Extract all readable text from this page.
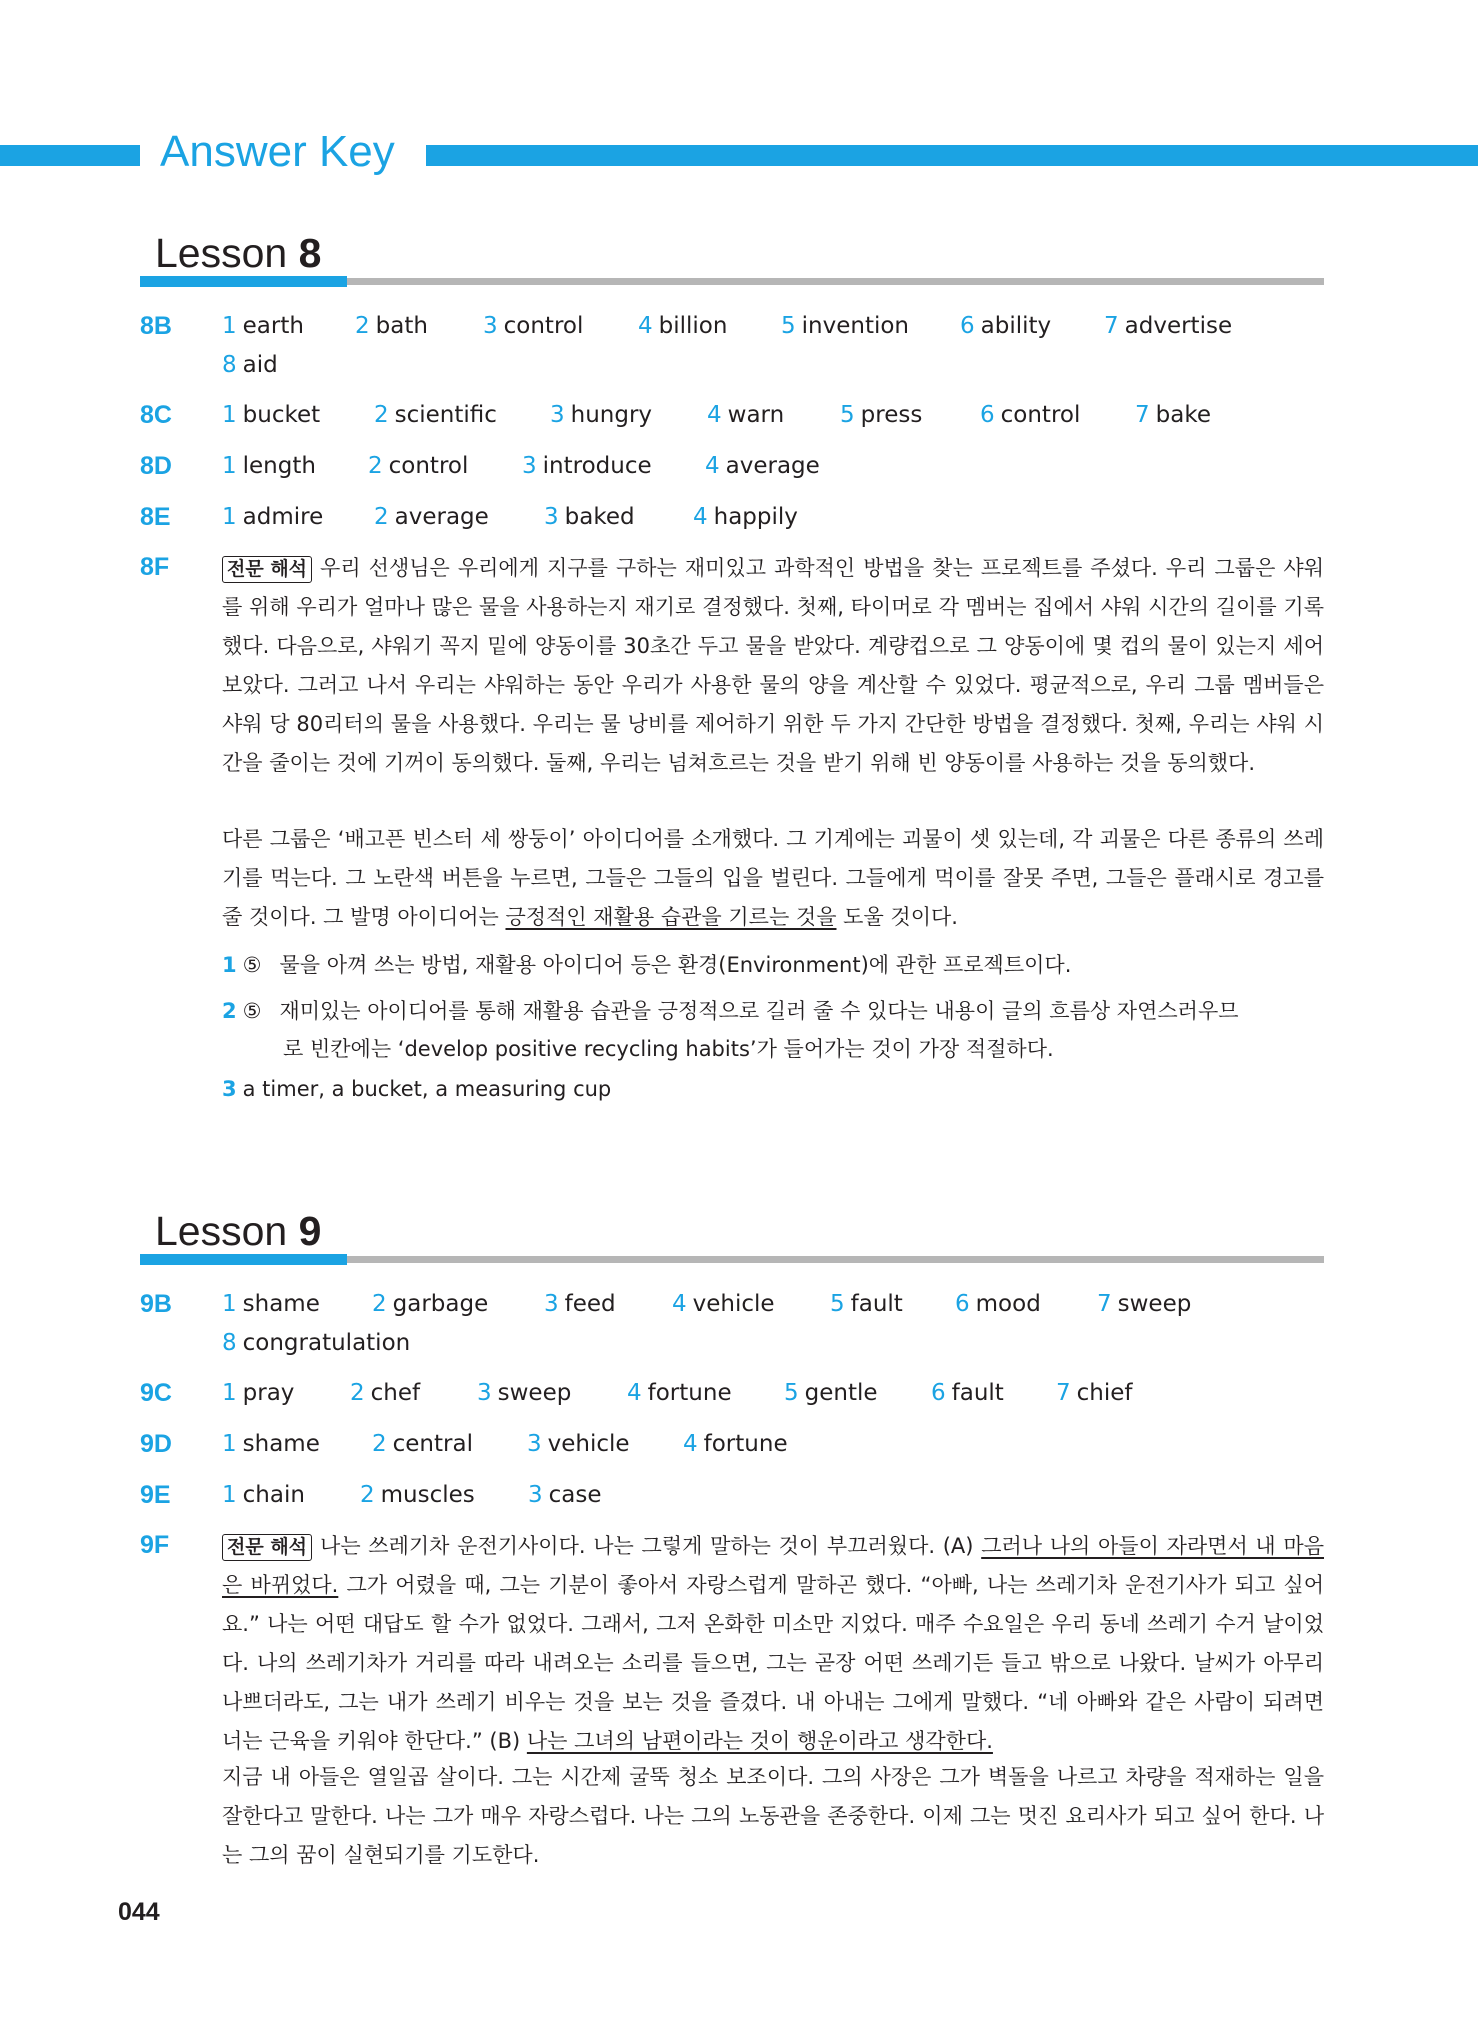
Answer Key
Lesson 8
8B 1 earth 2 bath 3 control 4 billion 5 invention 6 ability 7 advertise
8 aid
8C 1 bucket 2 scientific 3 hungry 4 warn 5 press	6 control 7 bake
8D 1 length 2 control 3 introduce 4 average
8E 1 admire 2 average 3 baked	4 happily
8F	전문 해석 우리 선생님은 우리에게 지구를 구하는 재미있고 과학적인 방법을 찾는 프로젝트를 주셨다. 우리 그룹은 샤워를 위해 우리가 얼마나 많은 물을 사용하는지 재기로 결정했다. 첫째, 타이머로 각 멤버는 집에서 샤워 시간의 길이를 기록했다. 다음으로, 샤워기 꼭지 밑에 양동이를 30초간 두고 물을 받았다. 계량컵으로 그 양동이에 몇 컵의 물이 있는지 세어 보았다. 그러고 나서 우리는 샤워하는 동안 우리가 사용한 물의 양을 계산할 수 있었다. 평균적으로, 우리 그룹 멤버들은 샤워 당 80리터의 물을 사용했다. 우리는 물 낭비를 제어하기 위한 두 가지 간단한 방법을 결정했다. 첫째, 우리는 샤워 시간을 줄이는 것에 기꺼이 동의했다. 둘째, 우리는 넘쳐흐르는 것을 받기 위해 빈 양동이를 사용하는 것을 동의했다.
다른 그룹은 ‘배고픈 빈스터 세 쌍둥이’ 아이디어를 소개했다. 그 기계에는 괴물이 셋 있는데, 각 괴물은 다른 종류의 쓰레기를 먹는다. 그 노란색 버튼을 누르면, 그들은 그들의 입을 벌린다. 그들에게 먹이를 잘못 주면, 그들은 플래시로 경고를 줄 것이다. 그 발명 아이디어는 긍정적인 재활용 습관을 기르는 것을 도울 것이다.
1 ⑤ 물을 아껴 쓰는 방법, 재활용 아이디어 등은 환경(Environment)에 관한 프로젝트이다.
2 ⑤ 재미있는 아이디어를 통해 재활용 습관을 긍정적으로 길러 줄 수 있다는 내용이 글의 흐름상 자연스러우므
로 빈칸에는 ‘develop positive recycling habits’가 들어가는 것이 가장 적절하다.
3 a timer, a bucket, a measuring cup
Lesson 9
9B 1 shame 2 garbage 3 feed 4 vehicle 5 fault 6 mood 7 sweep
8 congratulation
9C 1 pray 2 chef 3 sweep 4 fortune 5 gentle 6 fault 7 chief
9D 1 shame 2 central 3 vehicle 4 fortune
9E 1 chain 2 muscles 3 case
9F	전문 해석 나는 쓰레기차 운전기사이다. 나는 그렇게 말하는 것이 부끄러웠다. (A) 그러나 나의 아들이 자라면서 내 마음은 바뀌었다. 그가 어렸을 때, 그는 기분이 좋아서 자랑스럽게 말하곤 했다. “아빠, 나는 쓰레기차 운전기사가 되고 싶어요.” 나는 어떤 대답도 할 수가 없었다. 그래서, 그저 온화한 미소만 지었다. 매주 수요일은 우리 동네 쓰레기 수거 날이었다. 나의 쓰레기차가 거리를 따라 내려오는 소리를 들으면, 그는 곧장 어떤 쓰레기든 들고 밖으로 나왔다. 날씨가 아무리 나쁘더라도, 그는 내가 쓰레기 비우는 것을 보는 것을 즐겼다. 내 아내는 그에게 말했다. “네 아빠와 같은 사람이 되려면 너는 근육을 키워야 한단다.” (B) 나는 그녀의 남편이라는 것이 행운이라고 생각한다.
지금 내 아들은 열일곱 살이다. 그는 시간제 굴뚝 청소 보조이다. 그의 사장은 그가 벽돌을 나르고 차량을 적재하는 일을 잘한다고 말한다. 나는 그가 매우 자랑스럽다. 나는 그의 노동관을 존중한다. 이제 그는 멋진 요리사가 되고 싶어 한다. 나는 그의 꿈이 실현되기를 기도한다.
044
